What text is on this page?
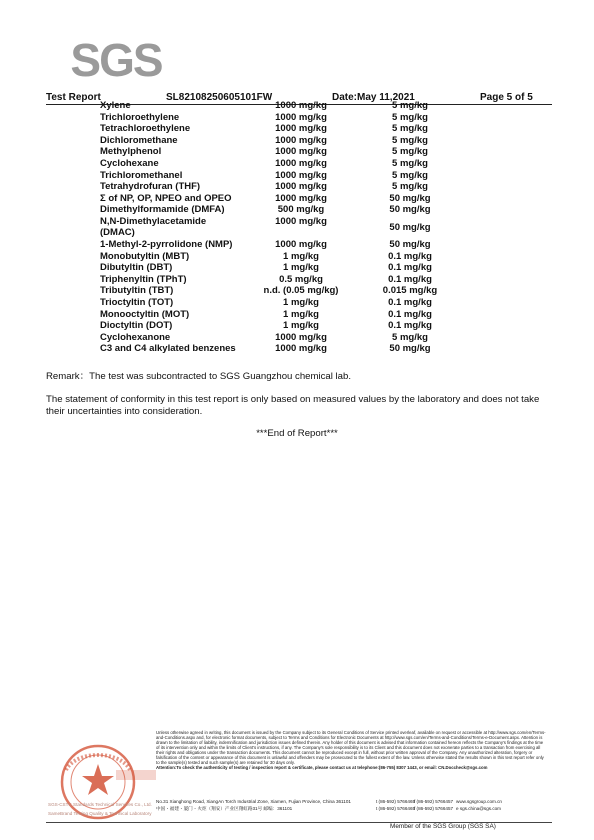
SGS
Test Report	SL82108250605101FW	Date:May 11,2021	Page 5 of 5
Xylene	1000 mg/kg	5 mg/kg
Trichloroethylene	1000 mg/kg	5 mg/kg
Tetrachloroethylene	1000 mg/kg	5 mg/kg
Dichloromethane	1000 mg/kg	5 mg/kg
Methylphenol	1000 mg/kg	5 mg/kg
Cyclohexane	1000 mg/kg	5 mg/kg
Trichloromethanel	1000 mg/kg	5 mg/kg
Tetrahydrofuran (THF)	1000 mg/kg	5 mg/kg
Σ of NP, OP, NPEO and OPEO	1000 mg/kg	50 mg/kg
Dimethylformamide (DMFA)	500 mg/kg	50 mg/kg
N,N-Dimethylacetamide
(DMAC)	1000 mg/kg	50 mg/kg
1-Methyl-2-pyrrolidone (NMP)	1000 mg/kg	50 mg/kg
Monobutyltin (MBT)	1 mg/kg	0.1 mg/kg
Dibutyltin (DBT)	1 mg/kg	0.1 mg/kg
Triphenyltin (TPhT)	0.5 mg/kg	0.1 mg/kg
Tributyltin (TBT)	n.d. (0.05 mg/kg)	0.015 mg/kg
Trioctyltin (TOT)	1 mg/kg	0.1 mg/kg
Monooctyltin (MOT)	1 mg/kg	0.1 mg/kg
Dioctyltin (DOT)	1 mg/kg	0.1 mg/kg
Cyclohexanone	1000 mg/kg	5 mg/kg
C3 and C4 alkylated benzenes	1000 mg/kg	50 mg/kg
Remark：The test was subcontracted to SGS Guangzhou chemical lab.
The statement of conformity in this test report is only based on measured values by the laboratory and does not take their uncertainties into consideration.
***End of Report***
Unless otherwise agreed in writing, this document is issued by the Company subject to its General Conditions of Service printed overleaf, available on request or accessible at http://www.sgs.com/en/Terms-and-Conditions.aspx and, for electronic format documents, subject to Terms and Conditions for Electronic Documents at http://www.sgs.com/en/Terms-and-Conditions/Terms-e-Document.aspx. Attention is drawn to the limitation of liability, indemnification and jurisdiction issues defined therein. Any holder of this document is advised that information contained hereon reflects the Company's findings at the time of its intervention only and within the limits of Client's instructions, if any. The Company's sole responsibility is to its Client and this document does not exonerate parties to a transaction from exercising all their rights and obligations under the transaction documents. This document cannot be reproduced except in full, without prior written approval of the Company. Any unauthorized alteration, forgery or falsification of the content or appearance of this document is unlawful and offenders may be prosecuted to the fullest extent of the law. Unless otherwise stated the results shown in this test report refer only to the sample(s) tested and such sample(s) are retained for 30 days only.
Attention:To check the authenticity of testing / inspection report & certificate, please contact us at telephone:(86-755) 8307 1443, or email: CN.Doccheck@sgs.com
No.31 Xianghong Road, XiangAn Torch Industrial Zone, Xiamen, Fujian Province, China 361101
中国・福建・厦门・火炬（翔安）产业区翔虹路31号 邮编：361101
t (86-592) 5766465
t (86-592) 5766465
f (86-592) 5766457
f (86-592) 5766457
www.sgsgroup.com.cn
e sgs.china@sgs.com
SGS-CSTC Standards Technical Services Co., Ltd.
SameBrand Testing Quality & Technical Laboratory
Member of the SGS Group (SGS SA)
